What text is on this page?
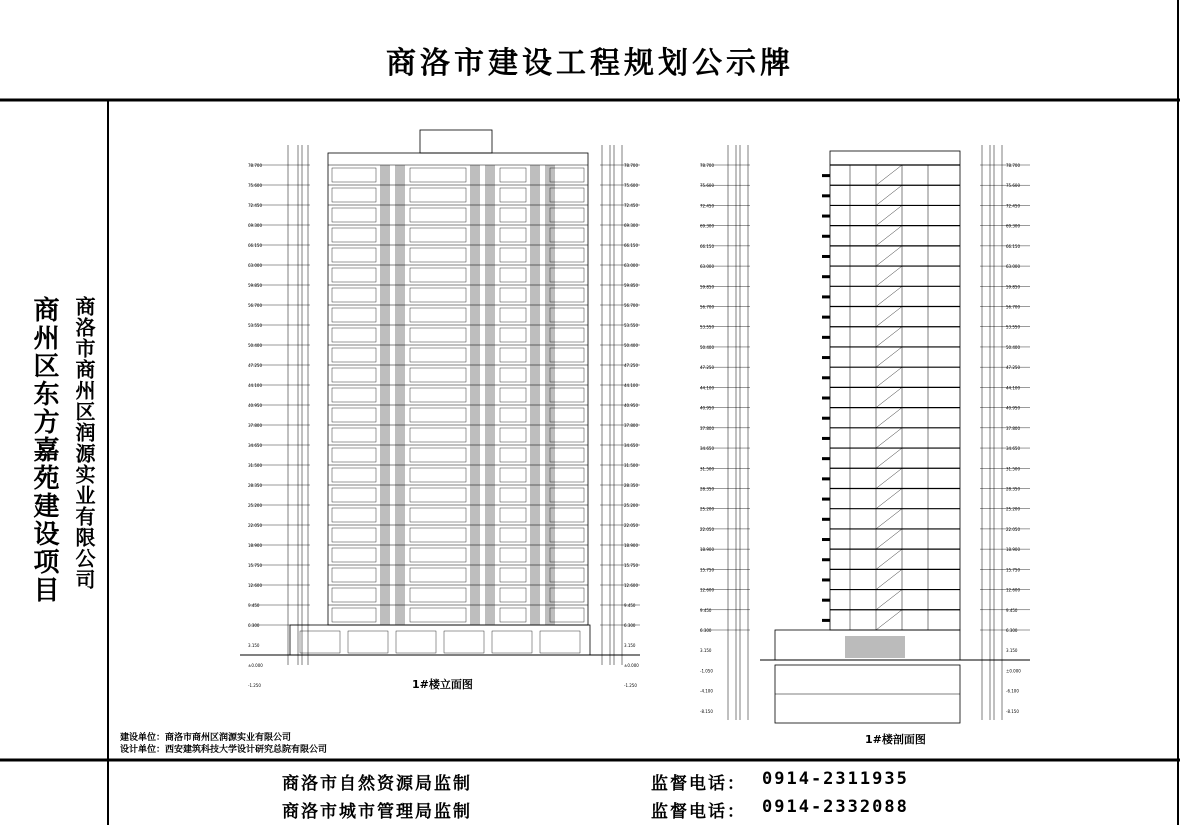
商洛市建设工程规划公示牌
商州区东方嘉苑建设项目 商洛市商州区润源实业有限公司
78.700
75.600
72.450
69.300
66.150
63.000
59.850
56.700
53.550
50.400
47.250
44.100
40.950
37.800
34.650
31.500
28.350
25.200
22.050
18.900
15.750
12.600
9.450
6.300
3.150
±0.000
-1.250
78.700
75.600
72.450
69.300
66.150
63.000
59.850
56.700
53.550
50.400
47.250
44.100
40.950
37.800
34.650
31.500
28.350
25.200
22.050
18.900
15.750
12.600
9.450
6.300
3.150
±0.000
-1.250
1#楼立面图
78.700
75.600
72.450
69.300
66.150
63.000
59.850
56.700
53.550
50.400
47.250
44.100
40.950
37.800
34.650
31.500
28.350
25.200
22.050
18.900
15.750
12.600
9.450
6.300
3.150
-1.050
-4.100
-8.150
78.700
75.600
72.450
69.300
66.150
63.000
59.850
56.700
53.550
50.400
47.250
44.100
40.950
37.800
34.650
31.500
28.350
25.200
22.050
18.900
15.750
12.600
9.450
6.300
3.150
±0.000
-6.100
-8.150
1#楼剖面图
建设单位：商洛市商州区润源实业有限公司
设计单位：西安建筑科技大学设计研究总院有限公司
商洛市自然资源局监制	监督电话： 0914-2311935
商洛市城市管理局监制	监督电话： 0914-2332088
